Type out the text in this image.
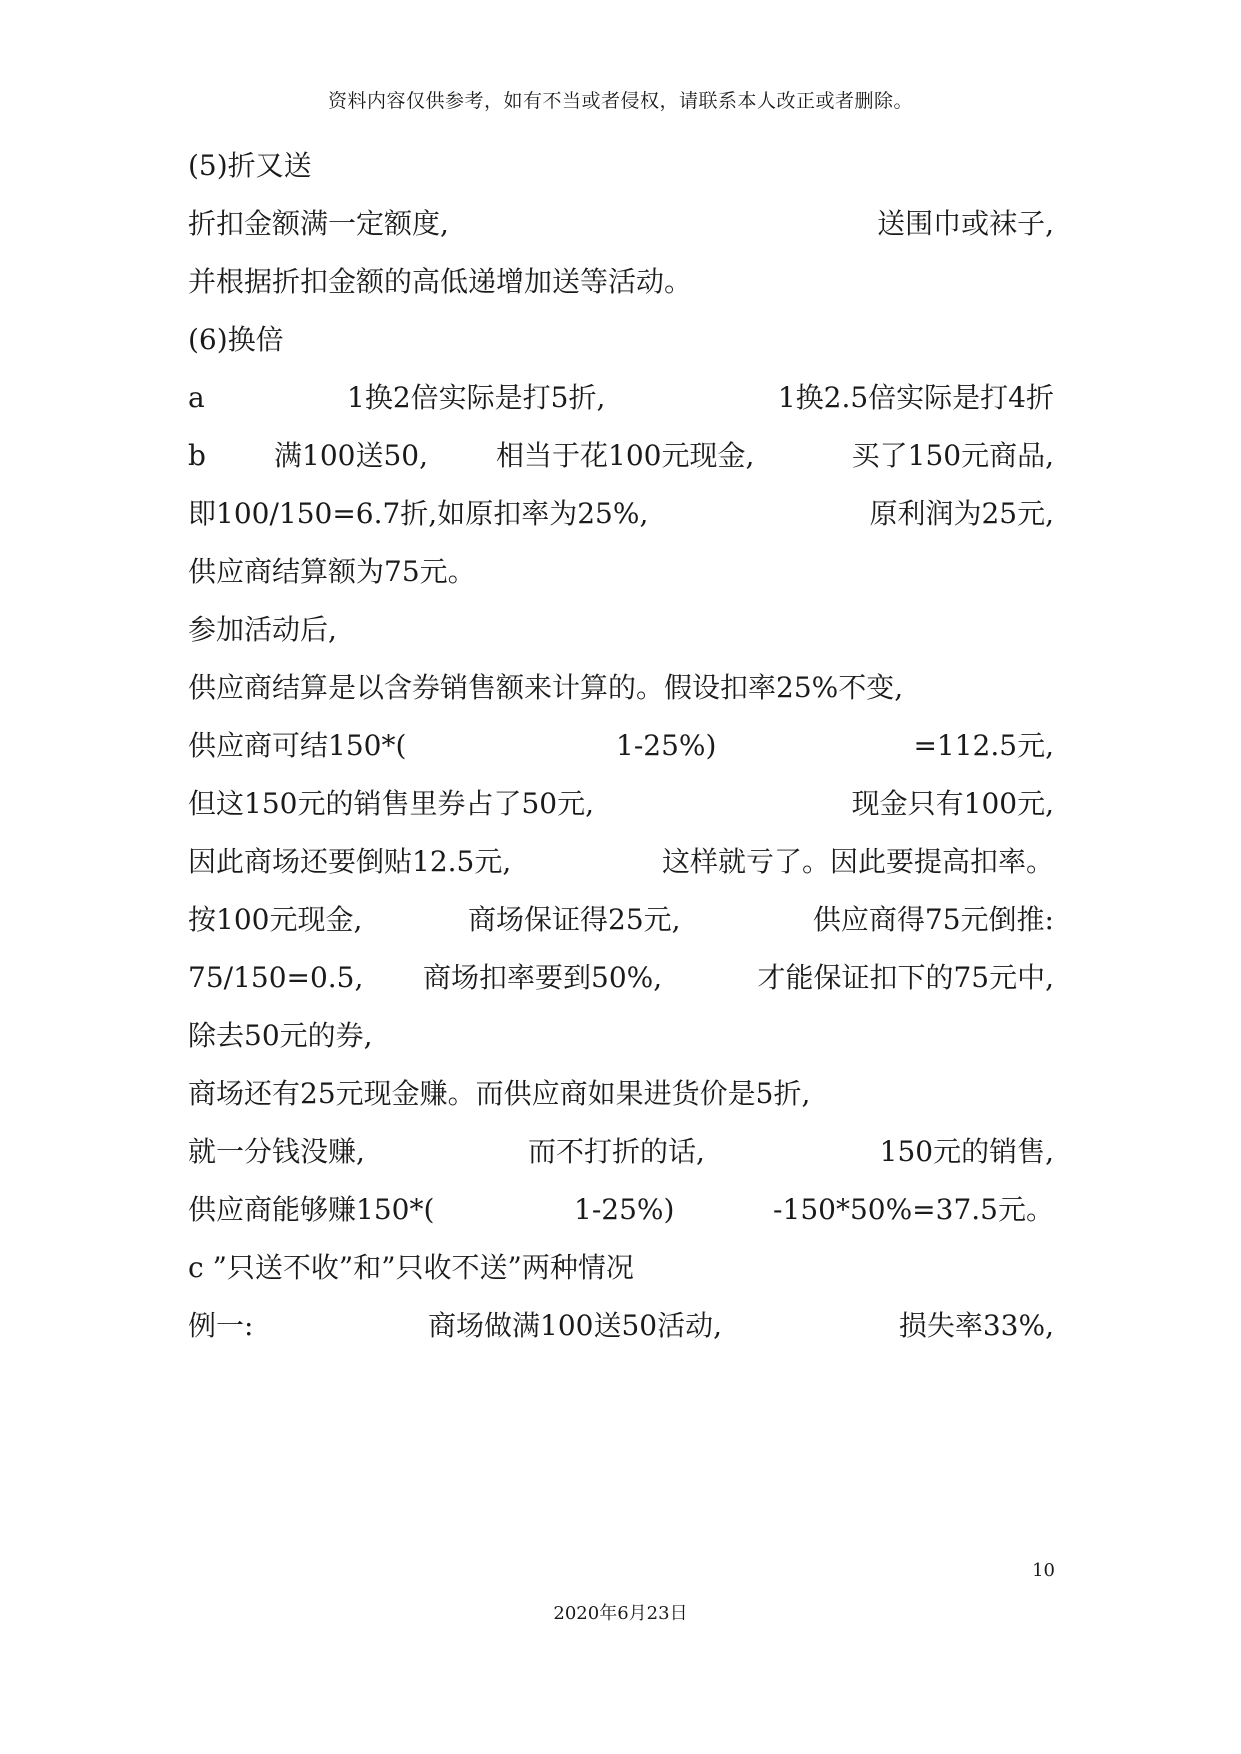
资料内容仅供参考，如有不当或者侵权，请联系本人改正或者删除。
(5)折又送
折扣金额满一定额度,	送围巾或袜子,
并根据折扣金额的高低递增加送等活动。
(6)换倍
a	1换2倍实际是打5折,	1换2.5倍实际是打4折
b 满100送50, 相当于花100元现金,	买了150元商品,
即100/150=6.7折,如原扣率为25%,	原利润为25元,
供应商结算额为75元。
参加活动后,
供应商结算是以含券销售额来计算的。假设扣率25%不变,
供应商可结150*(	1-25%)	=112.5元,
但这150元的销售里券占了50元,	现金只有100元,
因此商场还要倒贴12.5元,	这样就亏了。因此要提高扣率。
按100元现金,	商场保证得25元,	供应商得75元倒推:
75/150=0.5, 商场扣率要到50%,	才能保证扣下的75元中,
除去50元的券,
商场还有25元现金赚。而供应商如果进货价是5折,
就一分钱没赚,	而不打折的话,	150元的销售,
供应商能够赚150*(	1-25%)	-150*50%=37.5元。
c ”只送不收”和”只收不送”两种情况
例一:	商场做满100送50活动,	损失率33%,
10
2020年6月23日
